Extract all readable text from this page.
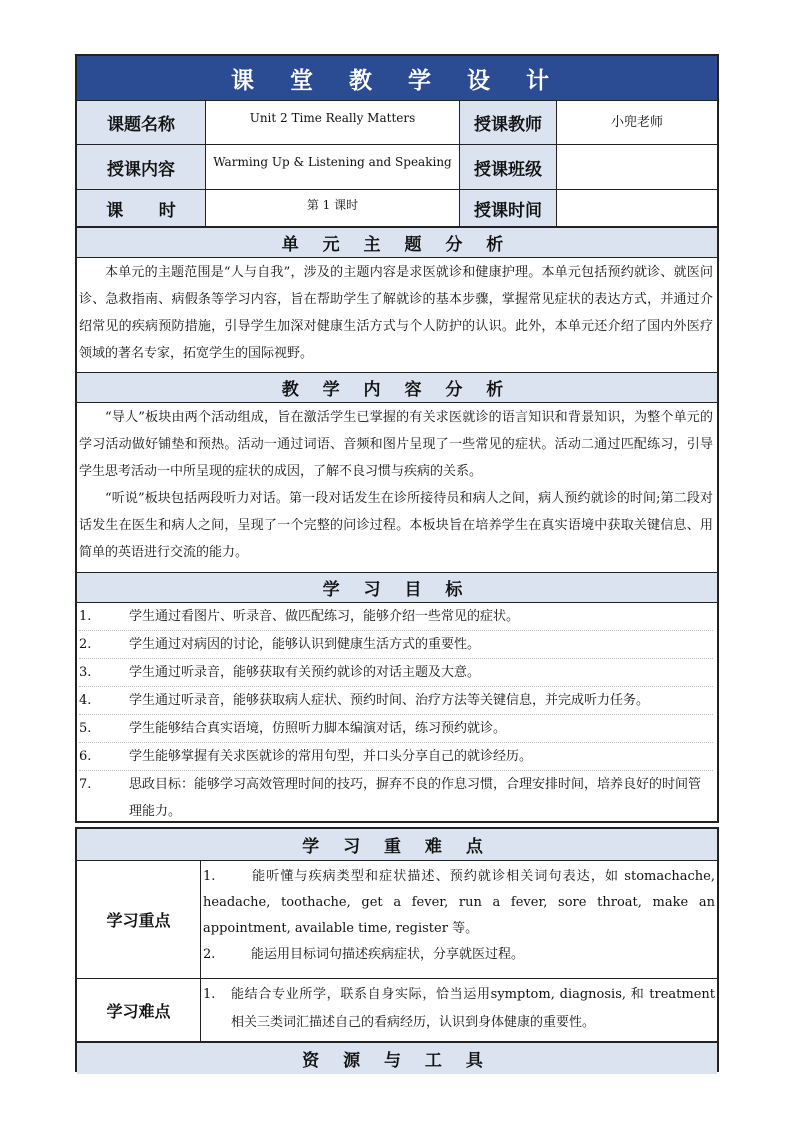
课 堂 教 学 设 计
课题名称	Unit 2 Time Really Matters	授课教师	小兜老师
授课内容	Warming Up & Listening and Speaking	授课班级
课      时	第 1 课时	授课时间
单 元 主 题 分 析

本单元的主题范围是“人与自我”，涉及的主题内容是求医就诊和健康护理。本单元包括预约就诊、就医问诊、急救指南、病假条等学习内容，旨在帮助学生了解就诊的基本步骤，掌握常见症状的表达方式，并通过介绍常见的疾病预防措施，引导学生加深对健康生活方式与个人防护的认识。此外，本单元还介绍了国内外医疗领域的著名专家，拓宽学生的国际视野。

教 学 内 容 分 析

“导人”板块由两个活动组成，旨在激活学生已掌握的有关求医就诊的语言知识和背景知识，为整个单元的学习活动做好铺垫和预热。活动一通过词语、音频和图片呈现了一些常见的症状。活动二通过匹配练习，引导学生思考活动一中所呈现的症状的成因，了解不良习惯与疾病的关系。

“听说”板块包括两段听力对话。第一段对话发生在诊所接待员和病人之间，病人预约就诊的时间;第二段对话发生在医生和病人之间，呈现了一个完整的问诊过程。本板块旨在培养学生在真实语境中获取关键信息、用简单的英语进行交流的能力。

学 习 目 标
1.	学生通过看图片、听录音、做匹配练习，能够介绍一些常见的症状。
2.	学生通过对病因的讨论，能够认识到健康生活方式的重要性。
3.	学生通过听录音，能够获取有关预约就诊的对话主题及大意。
4.	学生通过听录音，能够获取病人症状、预约时间、治疗方法等关键信息，并完成听力任务。
5.	学生能够结合真实语境，仿照听力脚本编演对话，练习预约就诊。
6.	学生能够掌握有关求医就诊的常用句型，并口头分享自己的就诊经历。
7.	思政目标：能够学习高效管理时间的技巧，摒弃不良的作息习惯，合理安排时间，培养良好的时间管理能力。
学 习 重 难 点
学习重点
1.	能听懂与疾病类型和症状描述、预约就诊相关词句表达，如 stomachache, headache, toothache, get a fever, run a fever, sore throat, make an appointment, available time, register 等。
2.	能运用目标词句描述疾病症状，分享就医过程。
学习难点
1.	能结合专业所学，联系自身实际，恰当运用symptom, diagnosis, 和 treatment 相关三类词汇描述自己的看病经历，认识到身体健康的重要性。
资 源 与 工 具
